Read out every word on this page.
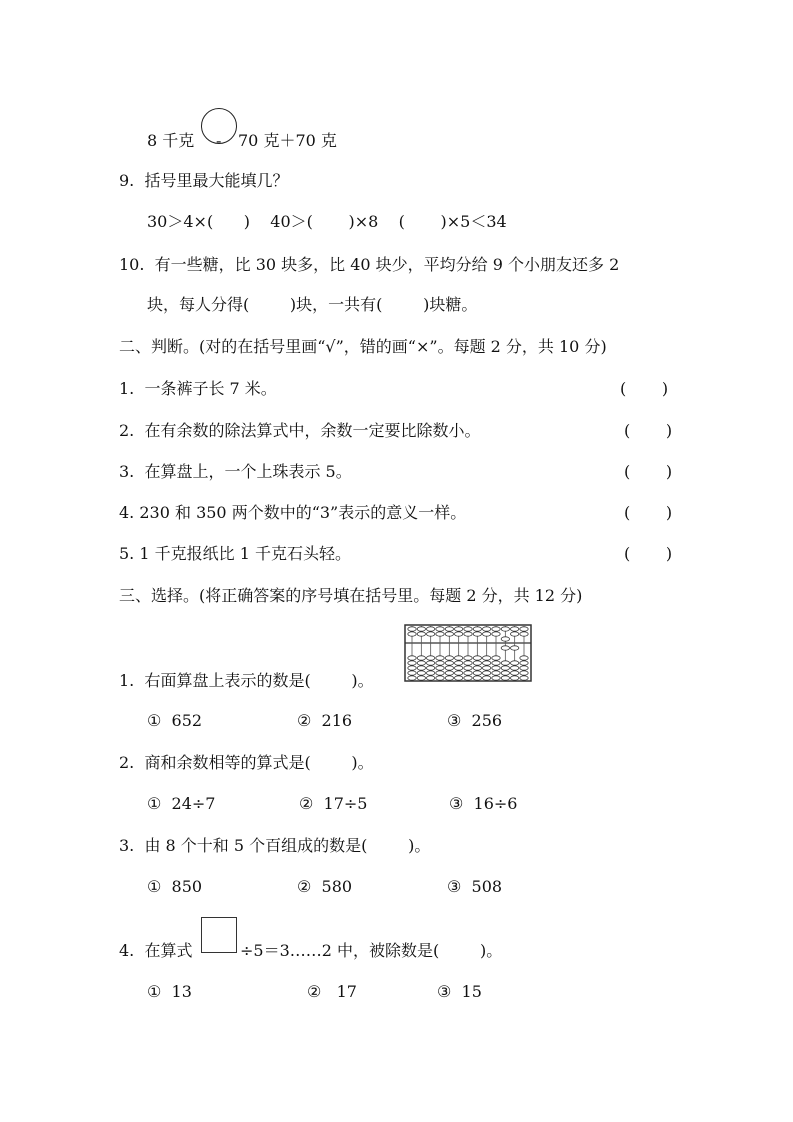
8 千克 - 70 克＋70 克
9.  括号里最大能填几？
30＞4×(      )    40＞(       )×8    (       )×5＜34
10.  有一些糖，比 30 块多，比 40 块少，平均分给 9 个小朋友还多 2
块，每人分得(        )块，一共有(        )块糖。
二、判断。(对的在括号里画“√”，错的画“×”。每题 2 分，共 10 分)
1.  一条裤子长 7 米。	(       )
2.  在有余数的除法算式中，余数一定要比除数小。	(       )
3.  在算盘上，一个上珠表示 5。	(       )
4. 230 和 350 两个数中的“3”表示的意义一样。	(       )
5. 1 千克报纸比 1 千克石头轻。	(       )
三、选择。(将正确答案的序号填在括号里。每题 2 分，共 12 分)
1.  右面算盘上表示的数是(        )。
①  652	②  216	③  256
2.  商和余数相等的算式是(        )。
①  24÷7	②  17÷5	③  16÷6
3.  由 8 个十和 5 个百组成的数是(        )。
①  850	②  580	③  508
4.  在算式	÷5＝3……2 中，被除数是(        )。
①  13	②   17	③  15
